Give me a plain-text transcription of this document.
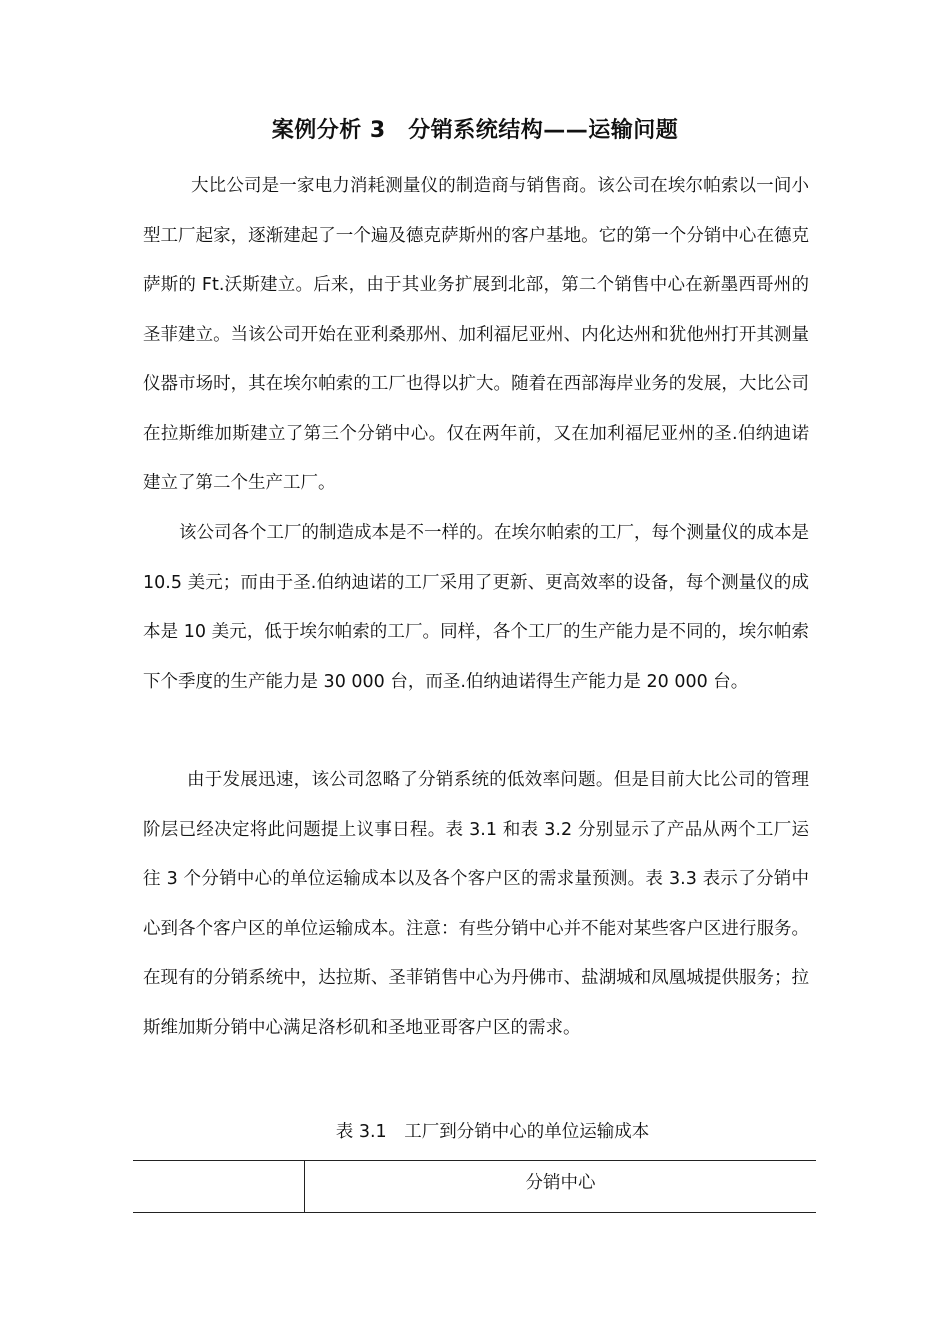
案例分析 3　分销系统结构——运输问题
大比公司是一家电力消耗测量仪的制造商与销售商。该公司在埃尔帕索以一间小型工厂起家，逐渐建起了一个遍及德克萨斯州的客户基地。它的第一个分销中心在德克萨斯的 Ft.沃斯建立。后来，由于其业务扩展到北部，第二个销售中心在新墨西哥州的圣菲建立。当该公司开始在亚利桑那州、加利福尼亚州、内化达州和犹他州打开其测量仪器市场时，其在埃尔帕索的工厂也得以扩大。随着在西部海岸业务的发展，大比公司在拉斯维加斯建立了第三个分销中心。仅在两年前，又在加利福尼亚州的圣.伯纳迪诺建立了第二个生产工厂。
该公司各个工厂的制造成本是不一样的。在埃尔帕索的工厂，每个测量仪的成本是 10.5 美元；而由于圣.伯纳迪诺的工厂采用了更新、更高效率的设备，每个测量仪的成本是 10 美元，低于埃尔帕索的工厂。同样，各个工厂的生产能力是不同的，埃尔帕索下个季度的生产能力是 30 000 台，而圣.伯纳迪诺得生产能力是 20 000 台。
由于发展迅速，该公司忽略了分销系统的低效率问题。但是目前大比公司的管理阶层已经决定将此问题提上议事日程。表 3.1 和表 3.2 分别显示了产品从两个工厂运往 3 个分销中心的单位运输成本以及各个客户区的需求量预测。表 3.3 表示了分销中心到各个客户区的单位运输成本。注意：有些分销中心并不能对某些客户区进行服务。在现有的分销系统中，达拉斯、圣菲销售中心为丹佛市、盐湖城和凤凰城提供服务；拉斯维加斯分销中心满足洛杉矶和圣地亚哥客户区的需求。
表 3.1　工厂到分销中心的单位运输成本
分销中心
